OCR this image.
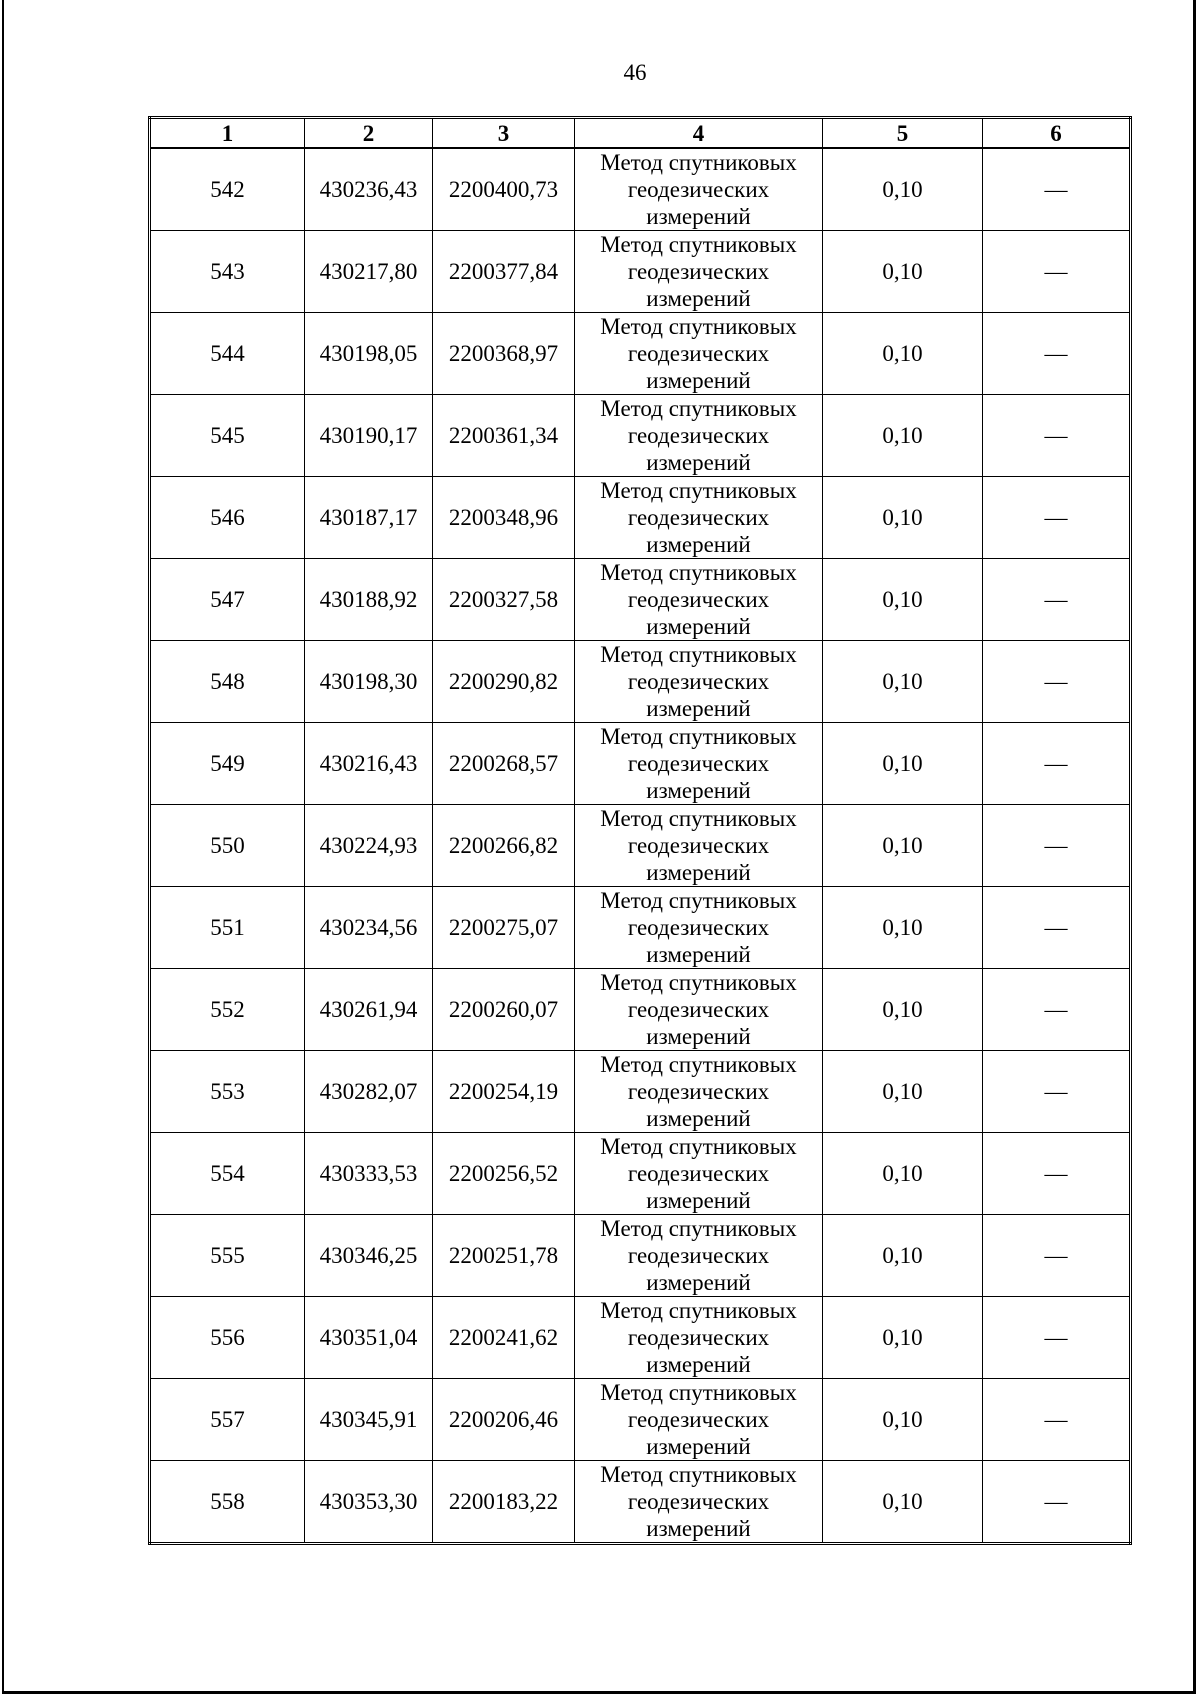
46
1	2	3	4	5	6
542	430236,43	2200400,73	Метод спутниковых
геодезических
измерений	0,10	—
543	430217,80	2200377,84	Метод спутниковых
геодезических
измерений	0,10	—
544	430198,05	2200368,97	Метод спутниковых
геодезических
измерений	0,10	—
545	430190,17	2200361,34	Метод спутниковых
геодезических
измерений	0,10	—
546	430187,17	2200348,96	Метод спутниковых
геодезических
измерений	0,10	—
547	430188,92	2200327,58	Метод спутниковых
геодезических
измерений	0,10	—
548	430198,30	2200290,82	Метод спутниковых
геодезических
измерений	0,10	—
549	430216,43	2200268,57	Метод спутниковых
геодезических
измерений	0,10	—
550	430224,93	2200266,82	Метод спутниковых
геодезических
измерений	0,10	—
551	430234,56	2200275,07	Метод спутниковых
геодезических
измерений	0,10	—
552	430261,94	2200260,07	Метод спутниковых
геодезических
измерений	0,10	—
553	430282,07	2200254,19	Метод спутниковых
геодезических
измерений	0,10	—
554	430333,53	2200256,52	Метод спутниковых
геодезических
измерений	0,10	—
555	430346,25	2200251,78	Метод спутниковых
геодезических
измерений	0,10	—
556	430351,04	2200241,62	Метод спутниковых
геодезических
измерений	0,10	—
557	430345,91	2200206,46	Метод спутниковых
геодезических
измерений	0,10	—
558	430353,30	2200183,22	Метод спутниковых
геодезических
измерений	0,10	—
